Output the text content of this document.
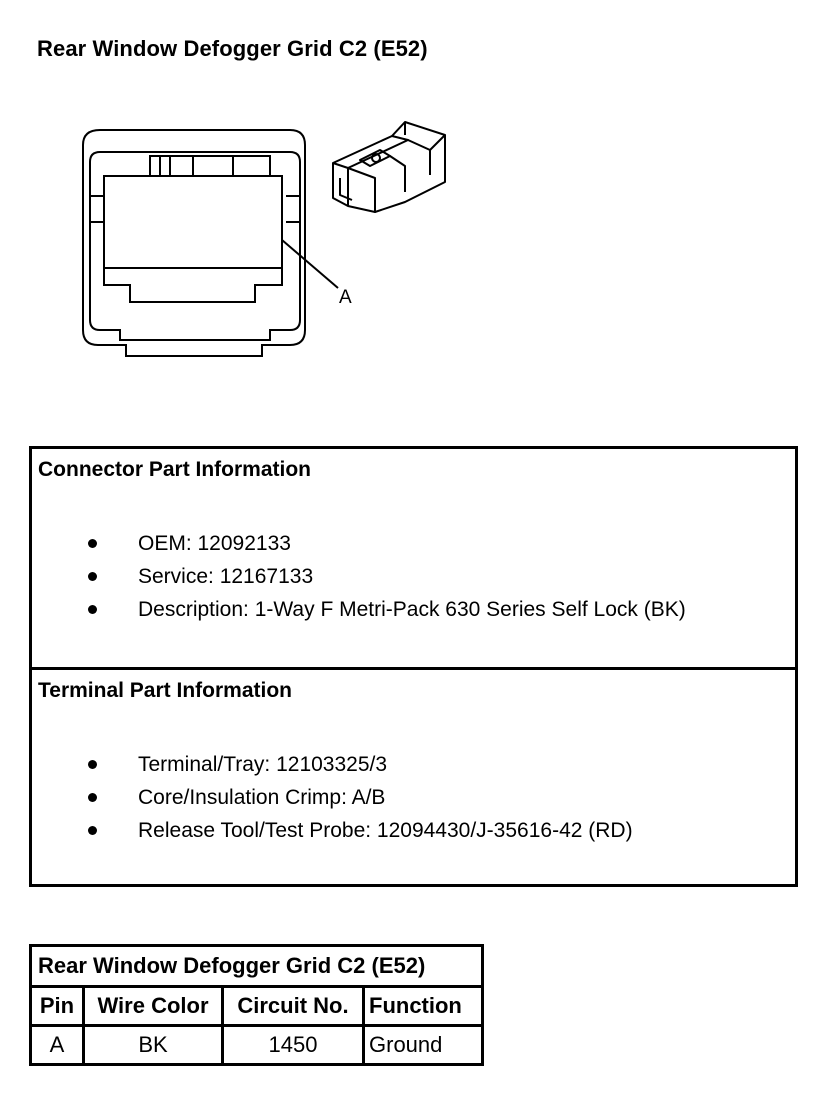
Rear Window Defogger Grid C2 (E52)
A
Connector Part Information
OEM: 12092133
Service: 12167133
Description: 1-Way F Metri-Pack 630 Series Self Lock (BK)
Terminal Part Information
Terminal/Tray: 12103325/3
Core/Insulation Crimp: A/B
Release Tool/Test Probe: 12094430/J-35616-42 (RD)
Rear Window Defogger Grid C2 (E52)			
Pin	Wire Color	Circuit No.	Function
A	BK	1450	Ground
